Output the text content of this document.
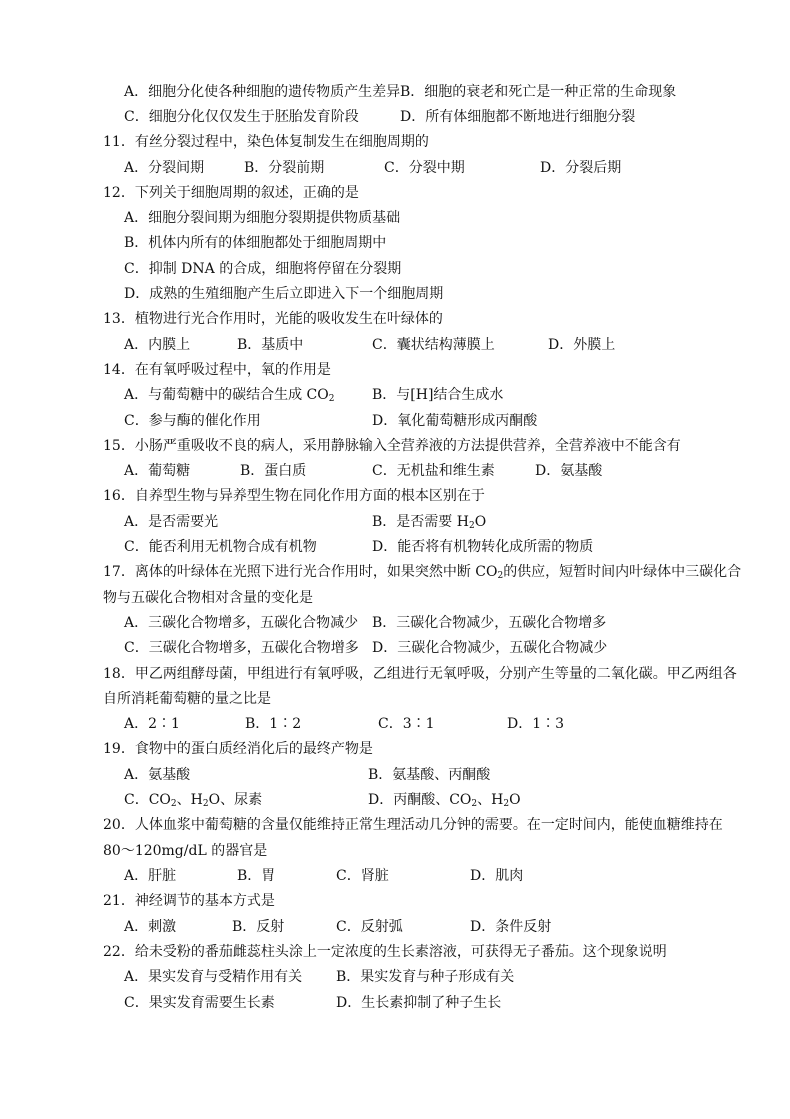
A．细胞分化使各种细胞的遗传物质产生差异 B．细胞的衰老和死亡是一种正常的生命现象
C．细胞分化仅仅发生于胚胎发育阶段	D．所有体细胞都不断地进行细胞分裂
11．有丝分裂过程中，染色体复制发生在细胞周期的
A．分裂间期	B．分裂前期	C．分裂中期	D．分裂后期
12．下列关于细胞周期的叙述，正确的是
A．细胞分裂间期为细胞分裂期提供物质基础
B．机体内所有的体细胞都处于细胞周期中
C．抑制 DNA 的合成，细胞将停留在分裂期
D．成熟的生殖细胞产生后立即进入下一个细胞周期
13．植物进行光合作用时，光能的吸收发生在叶绿体的
A．内膜上	B．基质中	C．囊状结构薄膜上	D．外膜上
14．在有氧呼吸过程中，氧的作用是
A．与葡萄糖中的碳结合生成 $CO_2$	B．与[H]结合生成水
C．参与酶的催化作用	D．氧化葡萄糖形成丙酮酸
15．小肠严重吸收不良的病人，采用静脉输入全营养液的方法提供营养，全营养液中不能含有
A．葡萄糖	B．蛋白质	C．无机盐和维生素	D．氨基酸
16．自养型生物与异养型生物在同化作用方面的根本区别在于
A．是否需要光	B．是否需要 $H_2O$
C．能否利用无机物合成有机物	D．能否将有机物转化成所需的物质
17．离体的叶绿体在光照下进行光合作用时，如果突然中断 $CO_2$的供应，短暂时间内叶绿体中三碳化合
物与五碳化合物相对含量的变化是
A．三碳化合物增多，五碳化合物减少 B．三碳化合物减少，五碳化合物增多
C．三碳化合物增多，五碳化合物增多 D．三碳化合物减少，五碳化合物减少
18．甲乙两组酵母菌，甲组进行有氧呼吸，乙组进行无氧呼吸，分别产生等量的二氧化碳。甲乙两组各
自所消耗葡萄糖的量之比是
A．2∶1	B．1∶2	C．3∶1	D．1∶3
19．食物中的蛋白质经消化后的最终产物是
A．氨基酸	B．氨基酸、丙酮酸
C．$CO_2$、$H_2O$、尿素	D．丙酮酸、$CO_2$、$H_2O$
20．人体血浆中葡萄糖的含量仅能维持正常生理活动几分钟的需要。在一定时间内，能使血糖维持在
80～120mg/dL 的器官是
A．肝脏	B．胃	C．肾脏	D．肌肉
21．神经调节的基本方式是
A．刺激	B．反射	C．反射弧	D．条件反射
22．给未受粉的番茄雌蕊柱头涂上一定浓度的生长素溶液，可获得无子番茄。这个现象说明
A．果实发育与受精作用有关 B．果实发育与种子形成有关
C．果实发育需要生长素	D．生长素抑制了种子生长
